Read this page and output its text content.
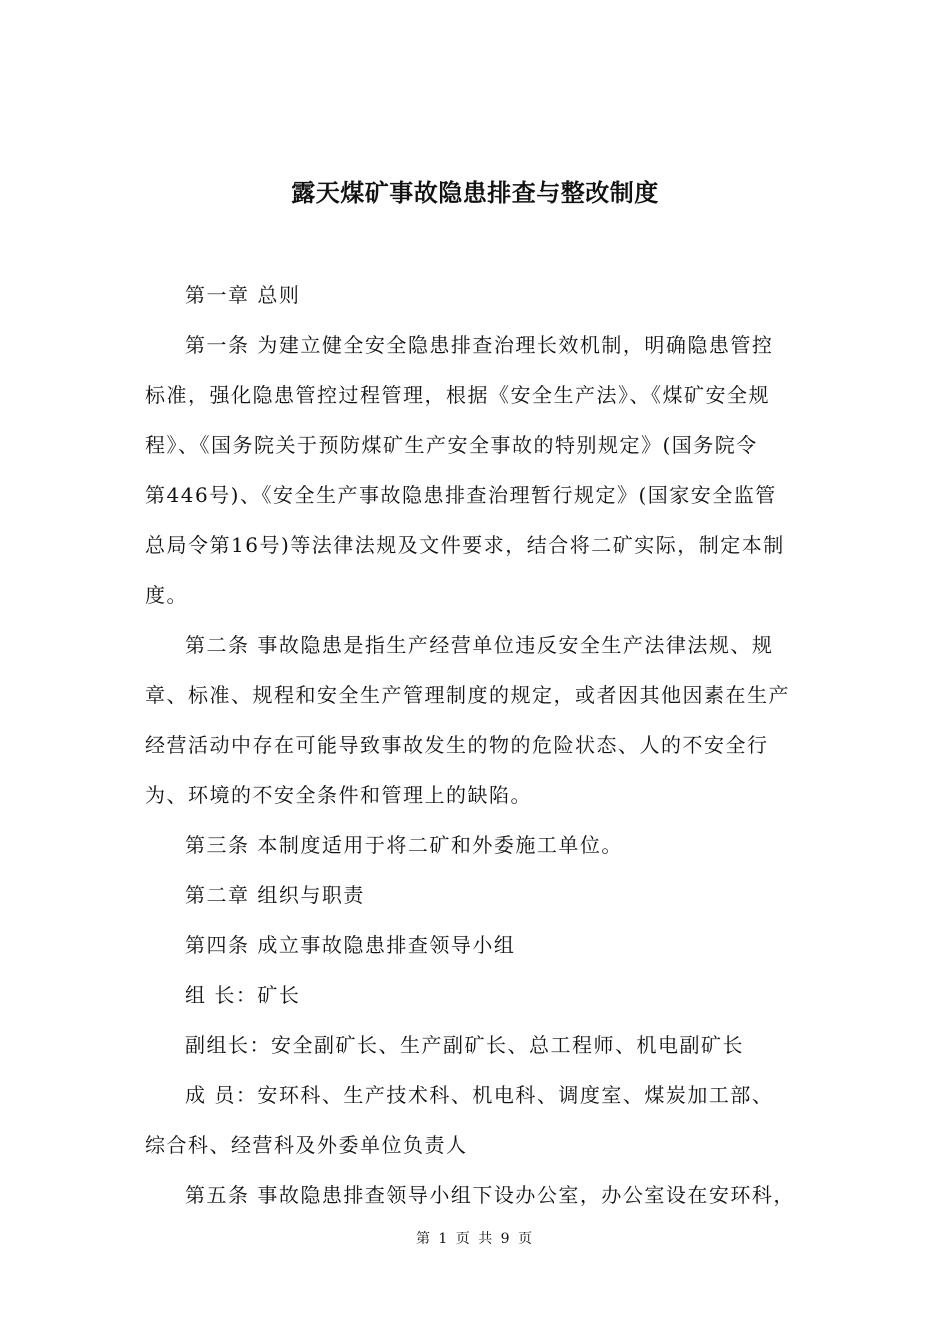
露天煤矿事故隐患排查与整改制度

第一章 总则

第一条 为建立健全安全隐患排查治理长效机制，明确隐患管控
标准，强化隐患管控过程管理，根据《安全生产法》、《煤矿安全规
程》、《国务院关于预防煤矿生产安全事故的特别规定》(国务院令
第446号)、《安全生产事故隐患排查治理暂行规定》(国家安全监管
总局令第16号)等法律法规及文件要求，结合将二矿实际，制定本制
度。

第二条 事故隐患是指生产经营单位违反安全生产法律法规、规
章、标准、规程和安全生产管理制度的规定，或者因其他因素在生产
经营活动中存在可能导致事故发生的物的危险状态、人的不安全行
为、环境的不安全条件和管理上的缺陷。

第三条 本制度适用于将二矿和外委施工单位。

第二章 组织与职责

第四条 成立事故隐患排查领导小组

组 长：矿长

副组长：安全副矿长、生产副矿长、总工程师、机电副矿长

成 员：安环科、生产技术科、机电科、调度室、煤炭加工部、
综合科、经营科及外委单位负责人

第五条 事故隐患排查领导小组下设办公室，办公室设在安环科，

第 1 页 共 9 页
